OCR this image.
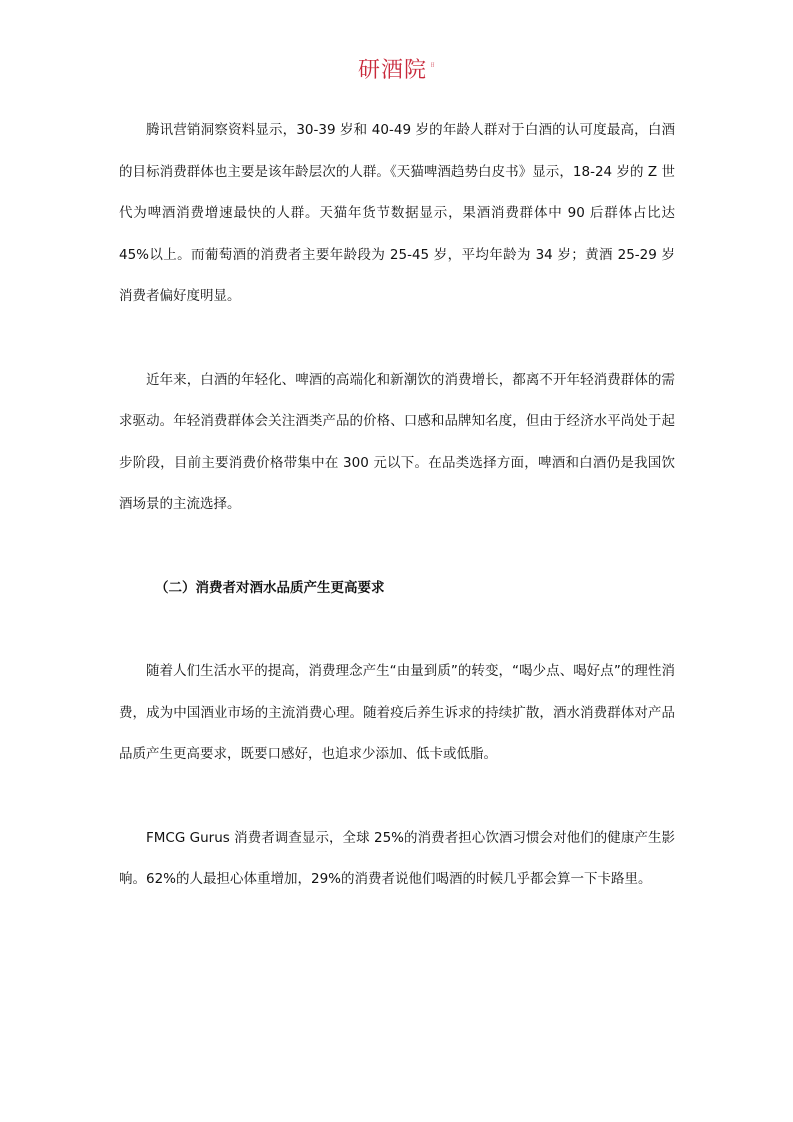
研酒院 日

腾讯营销洞察资料显示，30-39 岁和 40-49 岁的年龄人群对于白酒的认可度最高，白酒的目标消费群体也主要是该年龄层次的人群。《天猫啤酒趋势白皮书》显示，18-24 岁的 Z 世代为啤酒消费增速最快的人群。天猫年货节数据显示，果酒消费群体中 90 后群体占比达 45%以上。而葡萄酒的消费者主要年龄段为 25-45 岁，平均年龄为 34 岁；黄酒 25-29 岁消费者偏好度明显。

近年来，白酒的年轻化、啤酒的高端化和新潮饮的消费增长，都离不开年轻消费群体的需求驱动。年轻消费群体会关注酒类产品的价格、口感和品牌知名度，但由于经济水平尚处于起步阶段，目前主要消费价格带集中在 300 元以下。在品类选择方面，啤酒和白酒仍是我国饮酒场景的主流选择。

（二）消费者对酒水品质产生更高要求

随着人们生活水平的提高，消费理念产生“由量到质”的转变，“喝少点、喝好点”的理性消费，成为中国酒业市场的主流消费心理。随着疫后养生诉求的持续扩散，酒水消费群体对产品品质产生更高要求，既要口感好，也追求少添加、低卡或低脂。

FMCG Gurus 消费者调查显示，全球 25%的消费者担心饮酒习惯会对他们的健康产生影响。62%的人最担心体重增加，29%的消费者说他们喝酒的时候几乎都会算一下卡路里。
